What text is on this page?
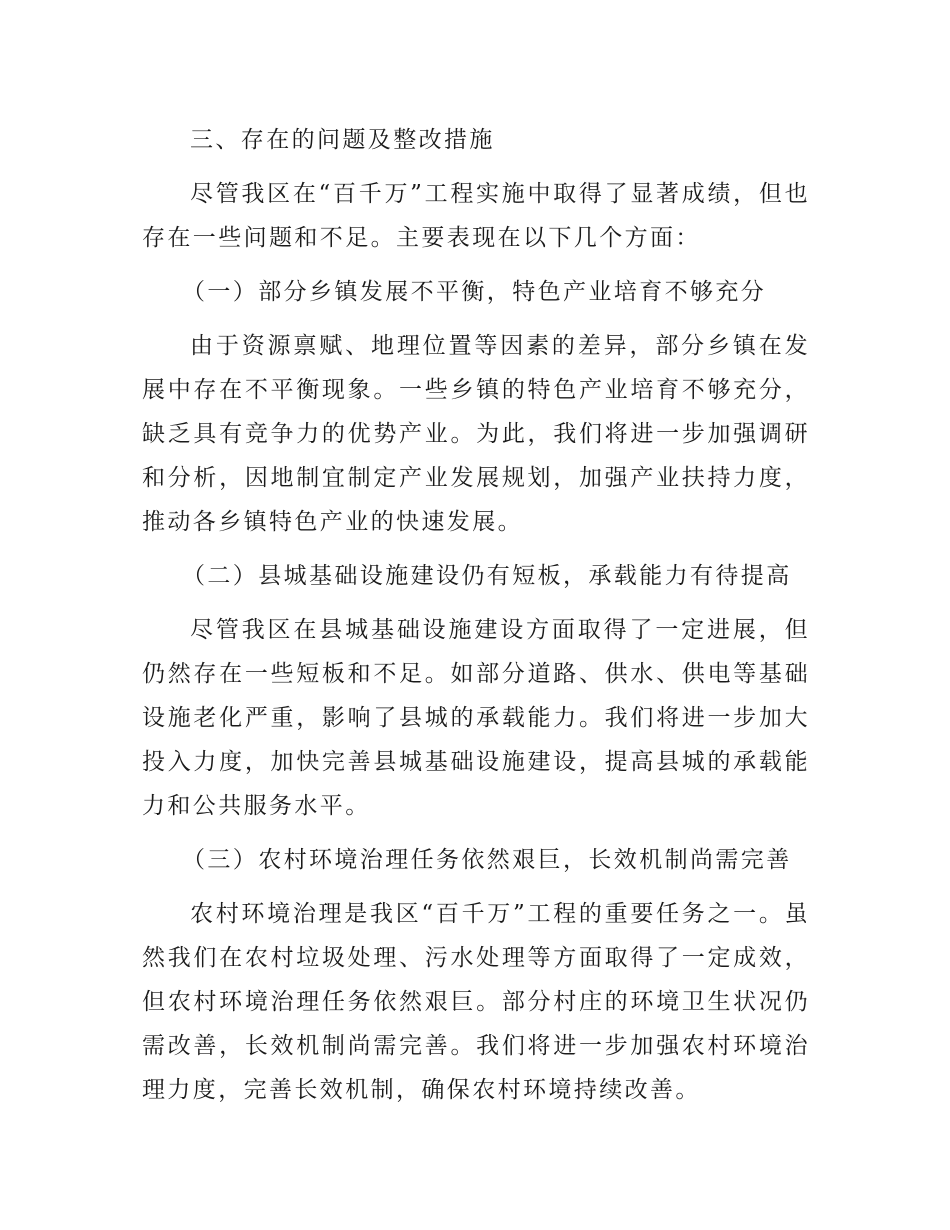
三、存在的问题及整改措施

尽管我区在“百千万”工程实施中取得了显著成绩，但也存在一些问题和不足。主要表现在以下几个方面：

（一）部分乡镇发展不平衡，特色产业培育不够充分

由于资源禀赋、地理位置等因素的差异，部分乡镇在发展中存在不平衡现象。一些乡镇的特色产业培育不够充分，缺乏具有竞争力的优势产业。为此，我们将进一步加强调研和分析，因地制宜制定产业发展规划，加强产业扶持力度，推动各乡镇特色产业的快速发展。

（二）县城基础设施建设仍有短板，承载能力有待提高

尽管我区在县城基础设施建设方面取得了一定进展，但仍然存在一些短板和不足。如部分道路、供水、供电等基础设施老化严重，影响了县城的承载能力。我们将进一步加大投入力度，加快完善县城基础设施建设，提高县城的承载能力和公共服务水平。

（三）农村环境治理任务依然艰巨，长效机制尚需完善

农村环境治理是我区“百千万”工程的重要任务之一。虽然我们在农村垃圾处理、污水处理等方面取得了一定成效，但农村环境治理任务依然艰巨。部分村庄的环境卫生状况仍需改善，长效机制尚需完善。我们将进一步加强农村环境治理力度，完善长效机制，确保农村环境持续改善。
